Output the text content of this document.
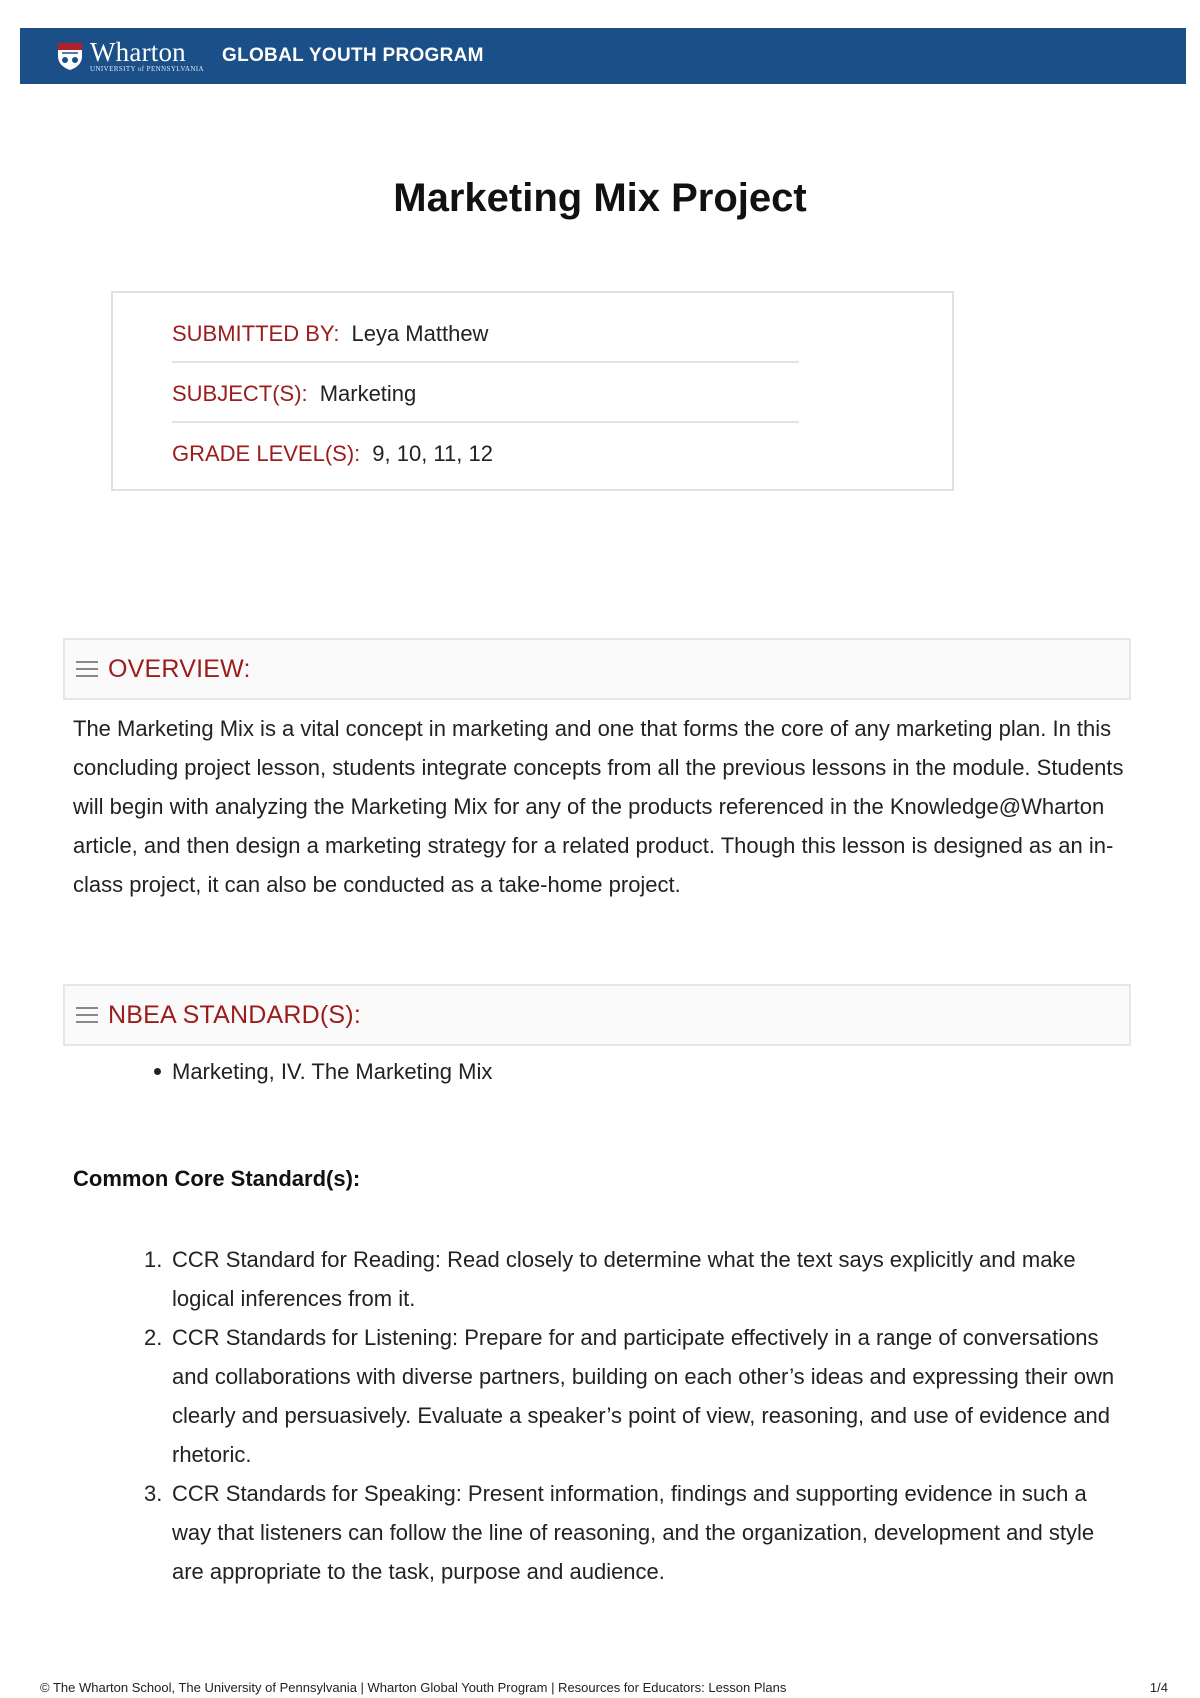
Wharton
UNIVERSITY of PENNSYLVANIA
GLOBAL YOUTH PROGRAM
Marketing Mix Project
SUBMITTED BY: Leya Matthew
SUBJECT(S): Marketing
GRADE LEVEL(S): 9, 10, 11, 12
OVERVIEW:
The Marketing Mix is a vital concept in marketing and one that forms the core of any marketing plan. In this concluding project lesson, students integrate concepts from all the previous lessons in the module. Students will begin with analyzing the Marketing Mix for any of the products referenced in the Knowledge@Wharton article, and then design a marketing strategy for a related product. Though this lesson is designed as an in-class project, it can also be conducted as a take-home project.
NBEA STANDARD(S):
Marketing, IV. The Marketing Mix
Common Core Standard(s):
1. CCR Standard for Reading: Read closely to determine what the text says explicitly and make logical inferences from it.
2. CCR Standards for Listening: Prepare for and participate effectively in a range of conversations and collaborations with diverse partners, building on each other’s ideas and expressing their own clearly and persuasively. Evaluate a speaker’s point of view, reasoning, and use of evidence and rhetoric.
3. CCR Standards for Speaking: Present information, findings and supporting evidence in such a way that listeners can follow the line of reasoning, and the organization, development and style are appropriate to the task, purpose and audience.
© The Wharton School, The University of Pennsylvania | Wharton Global Youth Program | Resources for Educators: Lesson Plans	1/4
